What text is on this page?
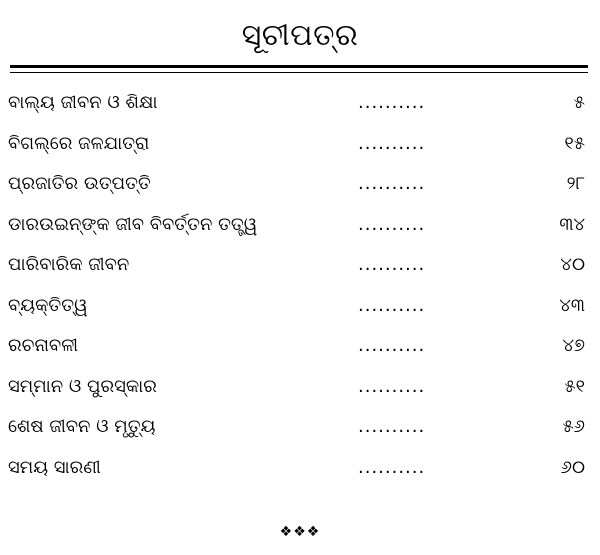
ସୂଚୀପତ୍ର
ବାଲ୍ୟ ଜୀବନ ଓ ଶିକ୍ଷା	..........	୫
ବିଗଲ୍‌ରେ ଜଳଯାତ୍ରା	..........	୧୫
ପ୍ରଜାତିର ଉତ୍ପତ୍ତି	..........	୨୮
ଡାରଉଇନ୍‌ଙ୍କ ଜୀବ ବିବର୍ତ୍ତନ ତତ୍ତ୍ୱ	..........	୩୪
ପାରିବାରିକ ଜୀବନ	..........	୪୦
ବ୍ୟକ୍ତିତ୍ୱ	..........	୪୩
ରଚନାବଳୀ	..........	୪୭
ସମ୍ମାନ ଓ ପୁରସ୍କାର	..........	୫୧
ଶେଷ ଜୀବନ ଓ ମୃତ୍ୟୁ	..........	୫୬
ସମୟ ସାରଣୀ	..........	୬୦
❖❖❖
